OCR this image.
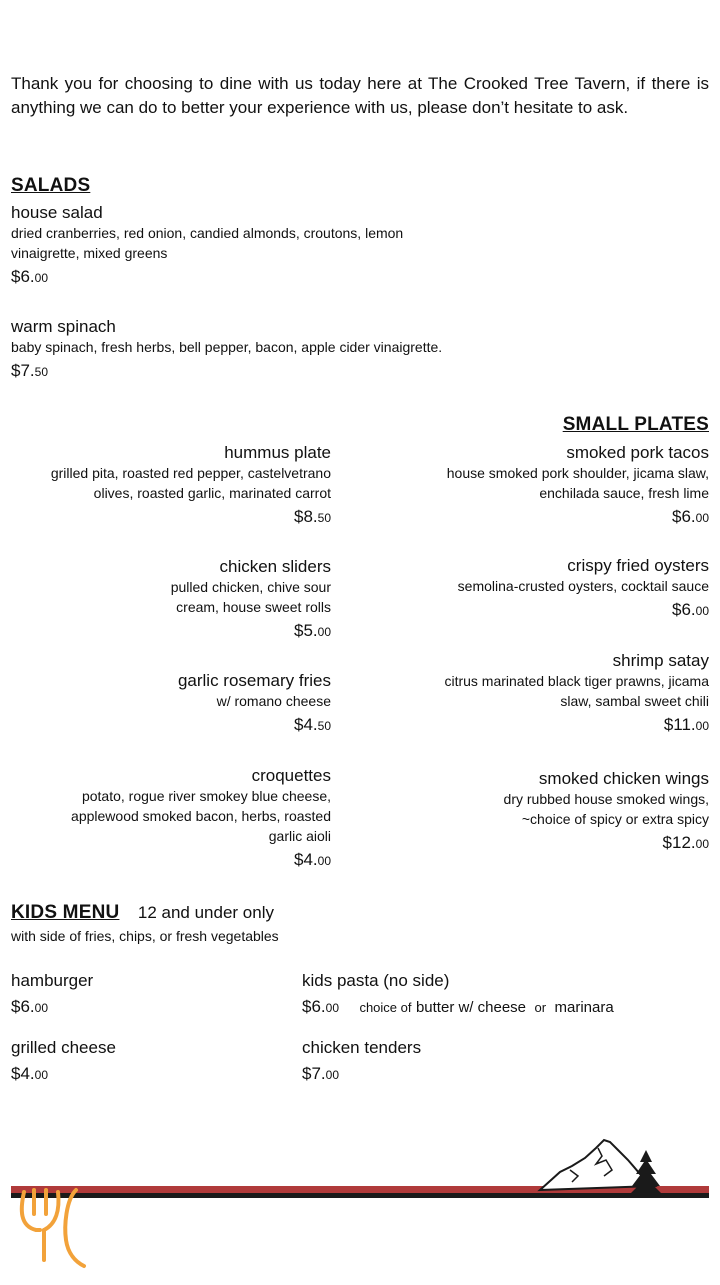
Thank you for choosing to dine with us today here at The Crooked Tree Tavern, if there is anything we can do to better your experience with us, please don’t hesitate to ask.
SALADS
house salad
dried cranberries, red onion, candied almonds, croutons, lemon
vinaigrette, mixed greens
$6.00
warm spinach
baby spinach, fresh herbs, bell pepper, bacon, apple cider vinaigrette.
$7.50
SMALL PLATES
hummus plate
grilled pita, roasted red pepper, castelvetrano
olives, roasted garlic, marinated carrot
$8.50
chicken sliders
pulled chicken, chive sour
cream, house sweet rolls
$5.00
garlic rosemary fries
w/ romano cheese
$4.50
croquettes
potato, rogue river smokey blue cheese,
applewood smoked bacon, herbs, roasted
garlic aioli
$4.00
smoked pork tacos
house smoked pork shoulder, jicama slaw,
enchilada sauce, fresh lime
$6.00
crispy fried oysters
semolina-crusted oysters, cocktail sauce
$6.00
shrimp satay
citrus marinated black tiger prawns, jicama
slaw, sambal sweet chili
$11.00
smoked chicken wings
dry rubbed house smoked wings,
~choice of spicy or extra spicy
$12.00
KIDS MENU 12 and under only
with side of fries, chips, or fresh vegetables
hamburger
$6.00
kids pasta (no side)
$6.00 choice of butter w/ cheese or marinara
grilled cheese
$4.00
chicken tenders
$7.00
